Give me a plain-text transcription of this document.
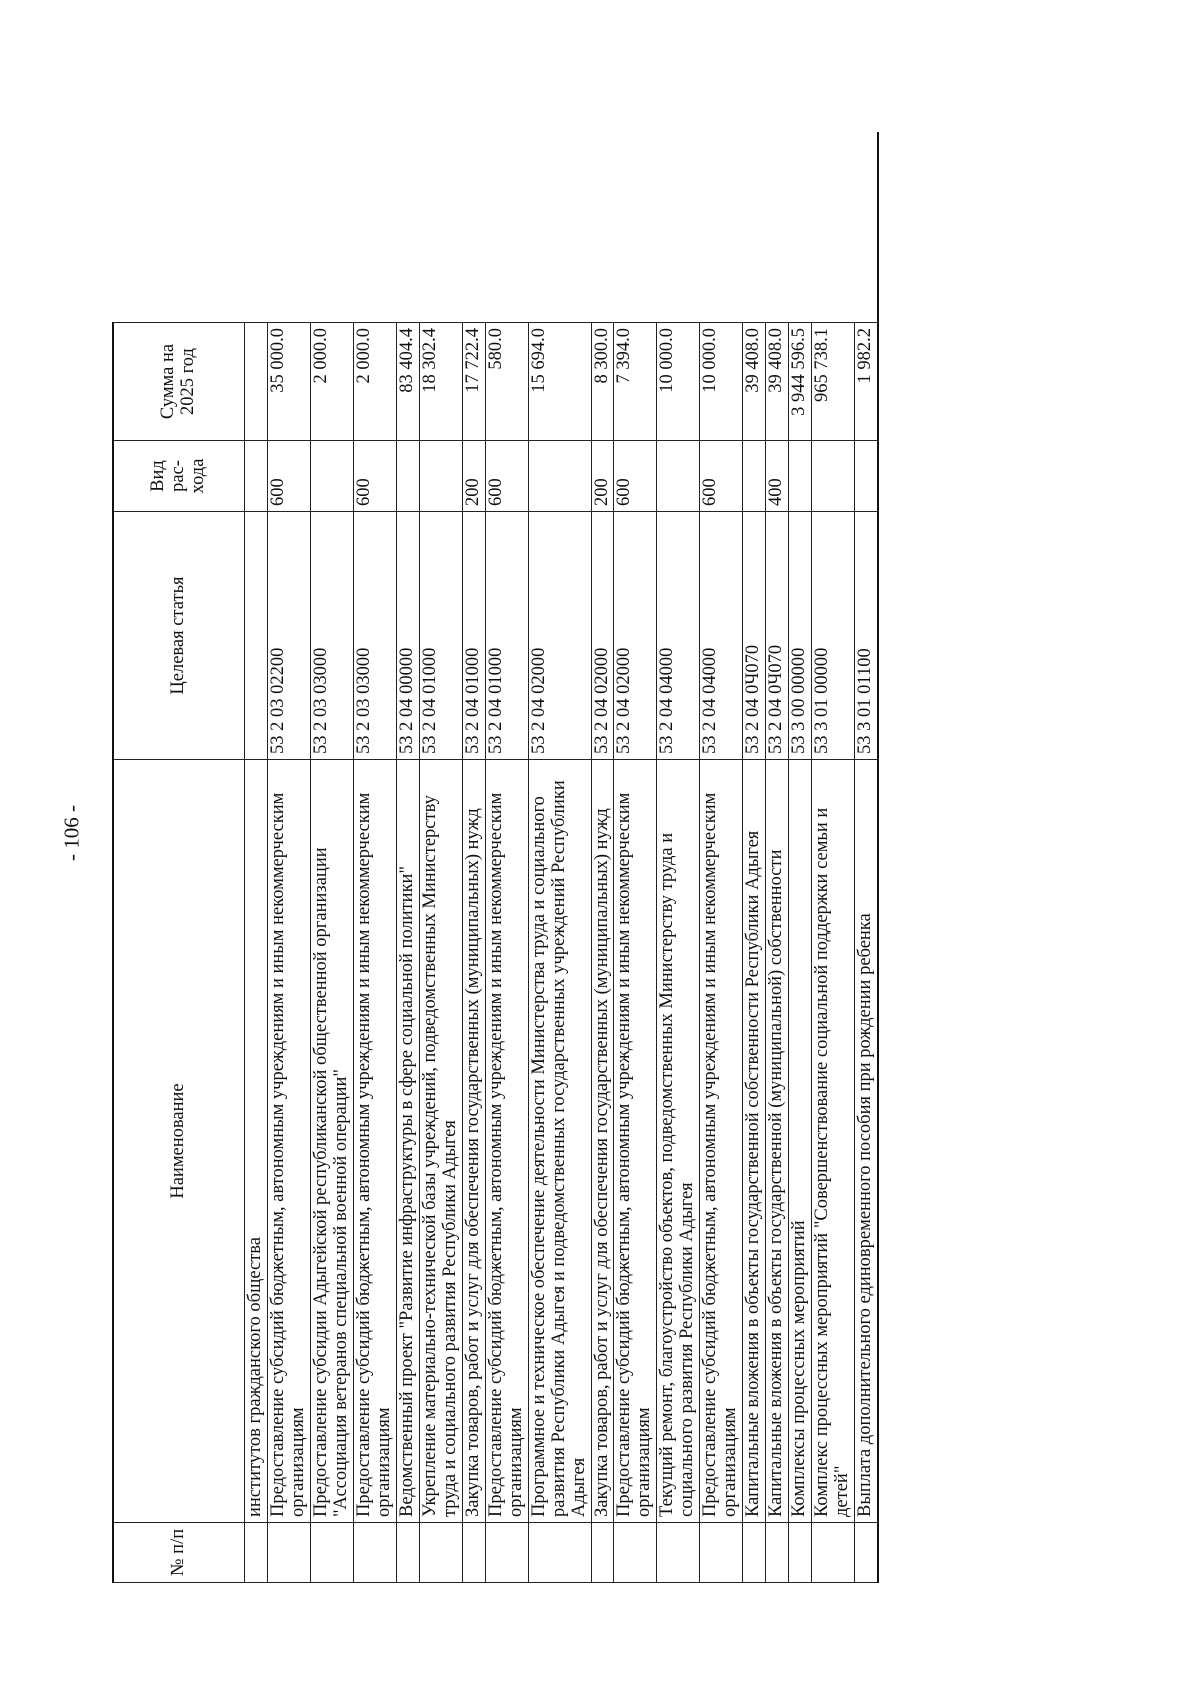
- 106 -
№ п/п	Наименование	Целевая статья	Вид рас-хода	Сумма на 2025 год	
	институтов гражданского общества				
	Предоставление субсидий бюджетным, автономным учреждениям и иным некоммерческим организациям	53 2 03 02200	600	35 000.0	
	Предоставление субсидии Адыгейской республиканской общественной организации "Ассоциация ветеранов специальной военной операции"	53 2 03 03000		2 000.0	
	Предоставление субсидий бюджетным, автономным учреждениям и иным некоммерческим организациям	53 2 03 03000	600	2 000.0	
	Ведомственный проект "Развитие инфраструктуры в сфере социальной политики"	53 2 04 00000		83 404.4	
	Укрепление материально-технической базы учреждений, подведомственных Министерству труда и социального развития Республики Адыгея	53 2 04 01000		18 302.4	
	Закупка товаров, работ и услуг для обеспечения государственных (муниципальных) нужд	53 2 04 01000	200	17 722.4	
	Предоставление субсидий бюджетным, автономным учреждениям и иным некоммерческим организациям	53 2 04 01000	600	580.0	
	Программное и техническое обеспечение деятельности Министерства труда и социального развития Республики Адыгея и подведомственных государственных учреждений Республики Адыгея	53 2 04 02000		15 694.0	
	Закупка товаров, работ и услуг для обеспечения государственных (муниципальных) нужд	53 2 04 02000	200	8 300.0	
	Предоставление субсидий бюджетным, автономным учреждениям и иным некоммерческим организациям	53 2 04 02000	600	7 394.0	
	Текущий ремонт, благоустройство объектов, подведомственных Министерству труда и социального развития Республики Адыгея	53 2 04 04000		10 000.0	
	Предоставление субсидий бюджетным, автономным учреждениям и иным некоммерческим организациям	53 2 04 04000	600	10 000.0	
	Капитальные вложения в объекты государственной собственности Республики Адыгея	53 2 04 0Ч070		39 408.0	
	Капитальные вложения в объекты государственной (муниципальной) собственности	53 2 04 0Ч070	400	39 408.0	
	Комплексы процессных мероприятий	53 3 00 00000		3 944 596.5	
	Комплекс процессных мероприятий "Совершенствование социальной поддержки семьи и детей"	53 3 01 00000		965 738.1	
	Выплата дополнительного единовременного пособия при рождении ребенка	53 3 01 01100		1 982.2	
